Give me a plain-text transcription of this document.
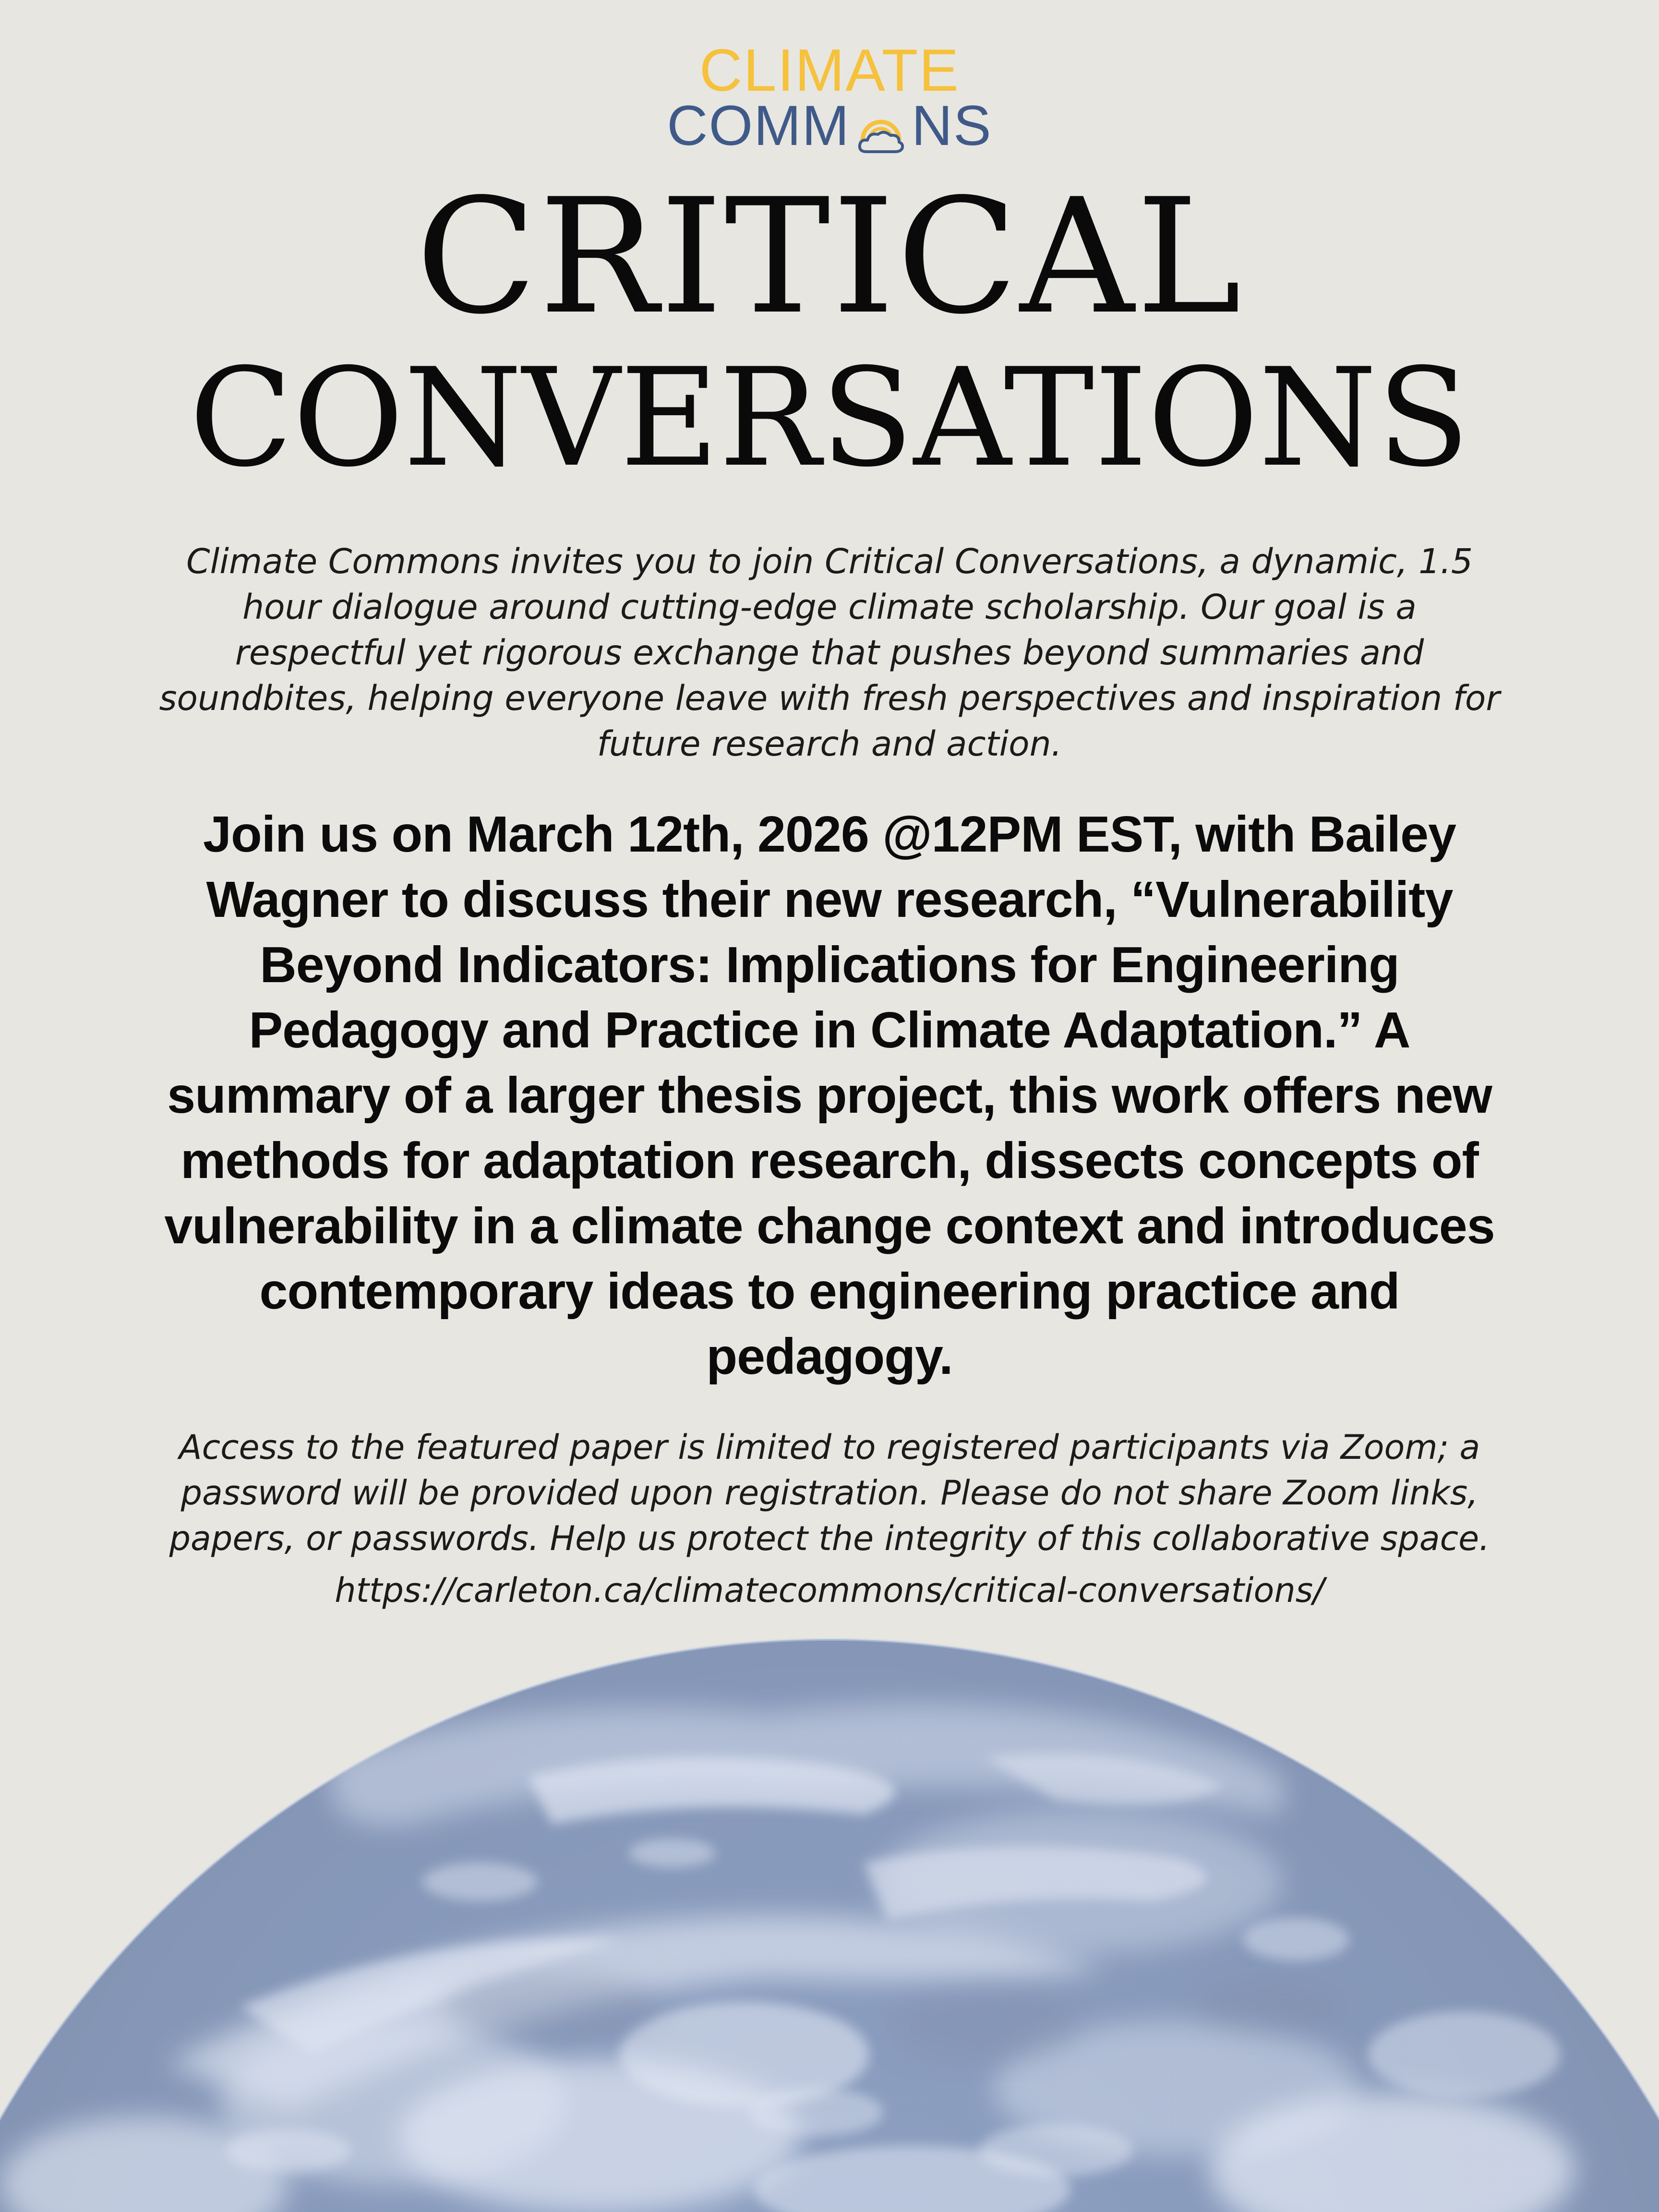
CLIMATE
COMM NS
CRITICAL
CONVERSATIONS
Climate Commons invites you to join Critical Conversations, a dynamic, 1.5 hour dialogue around cutting-edge climate scholarship. Our goal is a respectful yet rigorous exchange that pushes beyond summaries and soundbites, helping everyone leave with fresh perspectives and inspiration for future research and action.
Join us on March 12th, 2026 @12PM EST, with Bailey Wagner to discuss their new research, “Vulnerability Beyond Indicators: Implications for Engineering Pedagogy and Practice in Climate Adaptation.” A summary of a larger thesis project, this work offers new methods for adaptation research, dissects concepts of vulnerability in a climate change context and introduces contemporary ideas to engineering practice and pedagogy.
Access to the featured paper is limited to registered participants via Zoom; a password will be provided upon registration. Please do not share Zoom links, papers, or passwords. Help us protect the integrity of this collaborative space.
https://carleton.ca/climatecommons/critical-conversations/
